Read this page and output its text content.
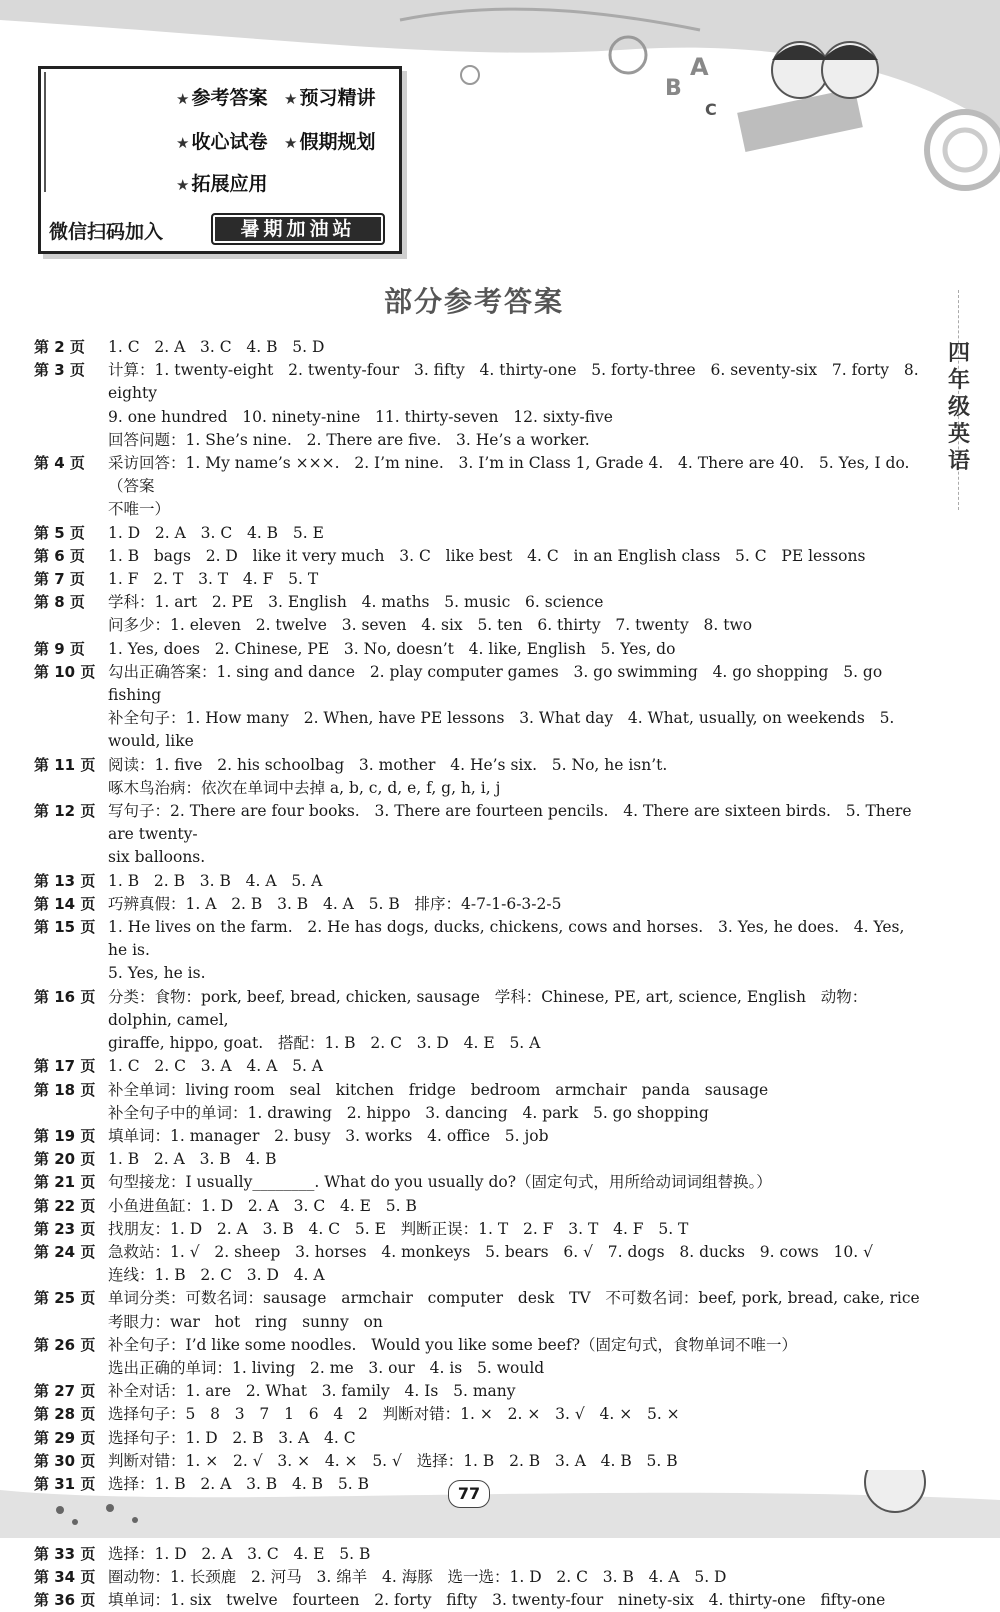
B
A
C
★ 参考答案 ★ 预习精讲
★ 收心试卷 ★ 假期规划
★ 拓展应用
微信扫码加入	暑期加油站
部分参考答案
四
年
级
英
语
第 2 页	1. C   2. A   3. C   4. B   5. D
第 3 页	计算：1. twenty-eight   2. twenty-four   3. fifty   4. thirty-one   5. forty-three   6. seventy-six   7. forty   8. eighty
9. one hundred   10. ninety-nine   11. thirty-seven   12. sixty-five
回答问题：1. She’s nine.   2. There are five.   3. He’s a worker.
第 4 页	采访回答：1. My name’s ×××.   2. I’m nine.   3. I’m in Class 1, Grade 4.   4. There are 40.   5. Yes, I do.（答案
不唯一）
第 5 页	1. D   2. A   3. C   4. B   5. E
第 6 页	1. B   bags   2. D   like it very much   3. C   like best   4. C   in an English class   5. C   PE lessons
第 7 页	1. F   2. T   3. T   4. F   5. T
第 8 页	学科：1. art   2. PE   3. English   4. maths   5. music   6. science
问多少：1. eleven   2. twelve   3. seven   4. six   5. ten   6. thirty   7. twenty   8. two
第 9 页	1. Yes, does   2. Chinese, PE   3. No, doesn’t   4. like, English   5. Yes, do
第 10 页 勾出正确答案：1. sing and dance   2. play computer games   3. go swimming   4. go shopping   5. go fishing
补全句子：1. How many   2. When, have PE lessons   3. What day   4. What, usually, on weekends   5. would, like
第 11 页 阅读：1. five   2. his schoolbag   3. mother   4. He’s six.   5. No, he isn’t.
啄木鸟治病：依次在单词中去掉 a, b, c, d, e, f, g, h, i, j
第 12 页 写句子：2. There are four books.   3. There are fourteen pencils.   4. There are sixteen birds.   5. There are twenty-
six balloons.
第 13 页 1. B   2. B   3. B   4. A   5. A
第 14 页 巧辨真假：1. A   2. B   3. B   4. A   5. B   排序：4-7-1-6-3-2-5
第 15 页 1. He lives on the farm.   2. He has dogs, ducks, chickens, cows and horses.   3. Yes, he does.   4. Yes, he is.
5. Yes, he is.
第 16 页 分类：食物：pork, beef, bread, chicken, sausage   学科：Chinese, PE, art, science, English   动物：dolphin, camel,
giraffe, hippo, goat.   搭配：1. B   2. C   3. D   4. E   5. A
第 17 页 1. C   2. C   3. A   4. A   5. A
第 18 页 补全单词：living room   seal   kitchen   fridge   bedroom   armchair   panda   sausage
补全句子中的单词：1. drawing   2. hippo   3. dancing   4. park   5. go shopping
第 19 页 填单词：1. manager   2. busy   3. works   4. office   5. job
第 20 页 1. B   2. A   3. B   4. B
第 21 页 句型接龙：I usually________. What do you usually do?（固定句式，用所给动词词组替换。）
第 22 页 小鱼进鱼缸：1. D   2. A   3. C   4. E   5. B
第 23 页 找朋友：1. D   2. A   3. B   4. C   5. E   判断正误：1. T   2. F   3. T   4. F   5. T
第 24 页 急救站：1. √   2. sheep   3. horses   4. monkeys   5. bears   6. √   7. dogs   8. ducks   9. cows   10. √
连线：1. B   2. C   3. D   4. A
第 25 页 单词分类：可数名词：sausage   armchair   computer   desk   TV   不可数名词：beef, pork, bread, cake, rice
考眼力：war   hot   ring   sunny   on
第 26 页 补全句子：I’d like some noodles.   Would you like some beef?（固定句式，食物单词不唯一）
选出正确的单词：1. living   2. me   3. our   4. is   5. would
第 27 页 补全对话：1. are   2. What   3. family   4. Is   5. many
第 28 页 选择句子：5   8   3   7   1   6   4   2   判断对错：1. ×   2. ×   3. √   4. ×   5. ×
第 29 页 选择句子：1. D   2. B   3. A   4. C
第 30 页 判断对错：1. ×   2. √   3. ×   4. ×   5. √   选择：1. B   2. B   3. A   4. B   5. B
第 31 页 选择：1. B   2. A   3. B   4. B   5. B
第 33 页 选择：1. D   2. A   3. C   4. E   5. B
第 34 页 圈动物：1. 长颈鹿   2. 河马   3. 绵羊   4. 海豚   选一选：1. D   2. C   3. B   4. A   5. D
第 36 页 填单词：1. six   twelve   fourteen   2. forty   fifty   3. twenty-four   ninety-six   4. thirty-one   fifty-one
77
